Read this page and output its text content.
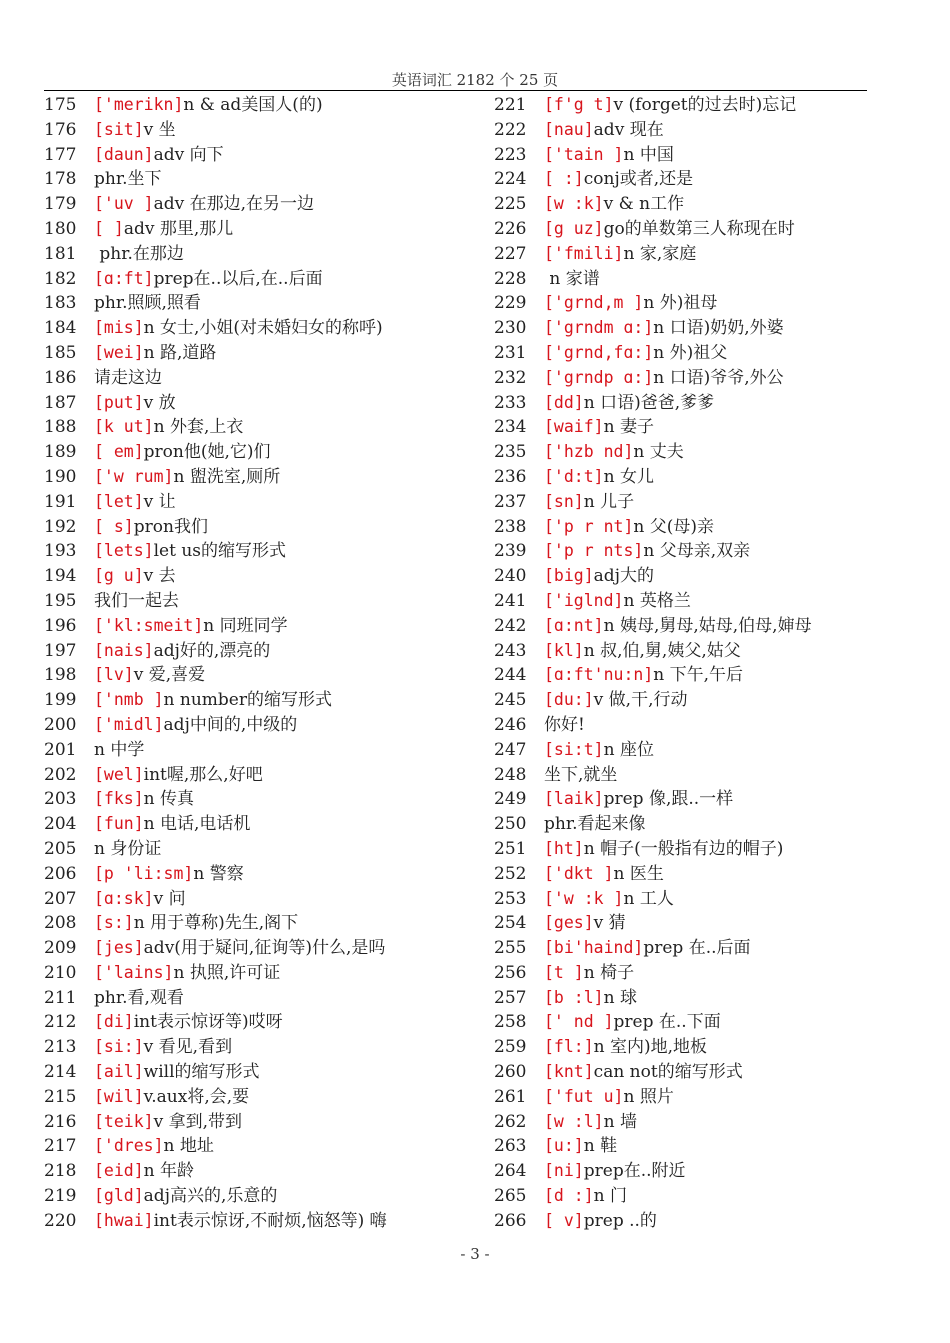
英语词汇 2182 个 25 页
175 ['merikn]n & ad美国人(的)
176 [sit]v 坐
177 [daun]adv 向下
178 phr.坐下
179 ['uv ]adv 在那边,在另一边
180 [ ]adv 那里,那儿
181 phr.在那边
182 [ɑ:ft]prep在..以后,在..后面
183 phr.照顾,照看
184 [mis]n 女士,小姐(对未婚妇女的称呼)
185 [wei]n 路,道路
186 请走这边
187 [put]v 放
188 [k ut]n 外套,上衣
189 [ em]pron他(她,它)们
190 ['w rum]n 盥洗室,厕所
191 [let]v 让
192 [ s]pron我们
193 [lets]let us的缩写形式
194 [g u]v 去
195 我们一起去
196 ['kl:smeit]n 同班同学
197 [nais]adj好的,漂亮的
198 [lv]v 爱,喜爱
199 ['nmb ]n number的缩写形式
200 ['midl]adj中间的,中级的
201 n 中学
202 [wel]int喔,那么,好吧
203 [fks]n 传真
204 [fun]n 电话,电话机
205 n 身份证
206 [p 'li:sm]n 警察
207 [ɑ:sk]v 问
208 [s:]n 用于尊称)先生,阁下
209 [jes]adv(用于疑问,征询等)什么,是吗
210 ['lains]n 执照,许可证
211 phr.看,观看
212 [di]int表示惊讶等)哎呀
213 [si:]v 看见,看到
214 [ail]will的缩写形式
215 [wil]v.aux将,会,要
216 [teik]v 拿到,带到
217 ['dres]n 地址
218 [eid]n 年龄
219 [gld]adj高兴的,乐意的
220 [hwai]int表示惊讶,不耐烦,恼怒等) 嗨
221 [f'g t]v (forget的过去时)忘记
222 [nau]adv 现在
223 ['tain ]n 中国
224 [ :]conj或者,还是
225 [w :k]v & n工作
226 [g uz]go的单数第三人称现在时
227 ['fmili]n 家,家庭
228 n 家谱
229 ['grnd,m ]n 外)祖母
230 ['grndm ɑ:]n 口语)奶奶,外婆
231 ['grnd,fɑ:]n 外)祖父
232 ['grndp ɑ:]n 口语)爷爷,外公
233 [dd]n 口语)爸爸,爹爹
234 [waif]n 妻子
235 ['hzb nd]n 丈夫
236 ['d:t]n 女儿
237 [sn]n 儿子
238 ['p r nt]n 父(母)亲
239 ['p r nts]n 父母亲,双亲
240 [big]adj大的
241 ['iglnd]n 英格兰
242 [ɑ:nt]n 姨母,舅母,姑母,伯母,婶母
243 [kl]n 叔,伯,舅,姨父,姑父
244 [ɑ:ft'nu:n]n 下午,午后
245 [du:]v 做,干,行动
246 你好!
247 [si:t]n 座位
248 坐下,就坐
249 [laik]prep 像,跟..一样
250 phr.看起来像
251 [ht]n 帽子(一般指有边的帽子)
252 ['dkt ]n 医生
253 ['w :k ]n 工人
254 [ges]v 猜
255 [bi'haind]prep 在..后面
256 [t ]n 椅子
257 [b :l]n 球
258 [' nd ]prep 在..下面
259 [fl:]n 室内)地,地板
260 [knt]can not的缩写形式
261 ['fut u]n 照片
262 [w :l]n 墙
263 [u:]n 鞋
264 [ni]prep在..附近
265 [d :]n 门
266 [ v]prep ..的
- 3 -
